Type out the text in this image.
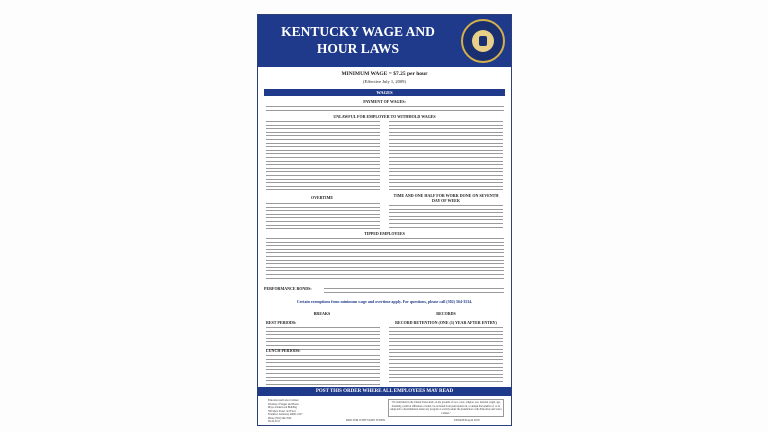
KENTUCKY WAGE AND
HOUR LAWS
MINIMUM WAGE = $7.25 per hour
(Effective July 1, 2009)
WAGES
PAYMENT OF WAGES:
UNLAWFUL FOR EMPLOYER TO WITHHOLD WAGES
OVERTIME	TIME AND ONE HALF FOR WORK DONE ON SEVENTH DAY OF WEEK
TIPPED EMPLOYEES
PERFORMANCE BONDS:
Certain exemptions from minimum wage and overtime apply. For questions, please call (502) 564-3534.
BREAKS	RECORDS
REST PERIODS:
LUNCH PERIODS:
RECORD RETENTION (ONE (1) YEAR AFTER ENTRY)
POST THIS ORDER WHERE ALL EMPLOYEES MAY READ
Education and Labor Cabinet
Division of Wages and Hours
Mayo-Underwood Building
500 Mero Street, 3rd Floor
Frankfort, Kentucky 40601-1957
Phone (502) 564-3534
08-20-2011
"No individual in the United States shall, on the grounds of race, color, religion, sex, national origin, age, disability, political affiliation or belief, be excluded from participation in, or denied the benefits of, or be subjected to discrimination under any program or activity under the jurisdiction of the Education and Labor Cabinet."
PAID FOR WITH STATE FUNDS	UPDATED April 2018
